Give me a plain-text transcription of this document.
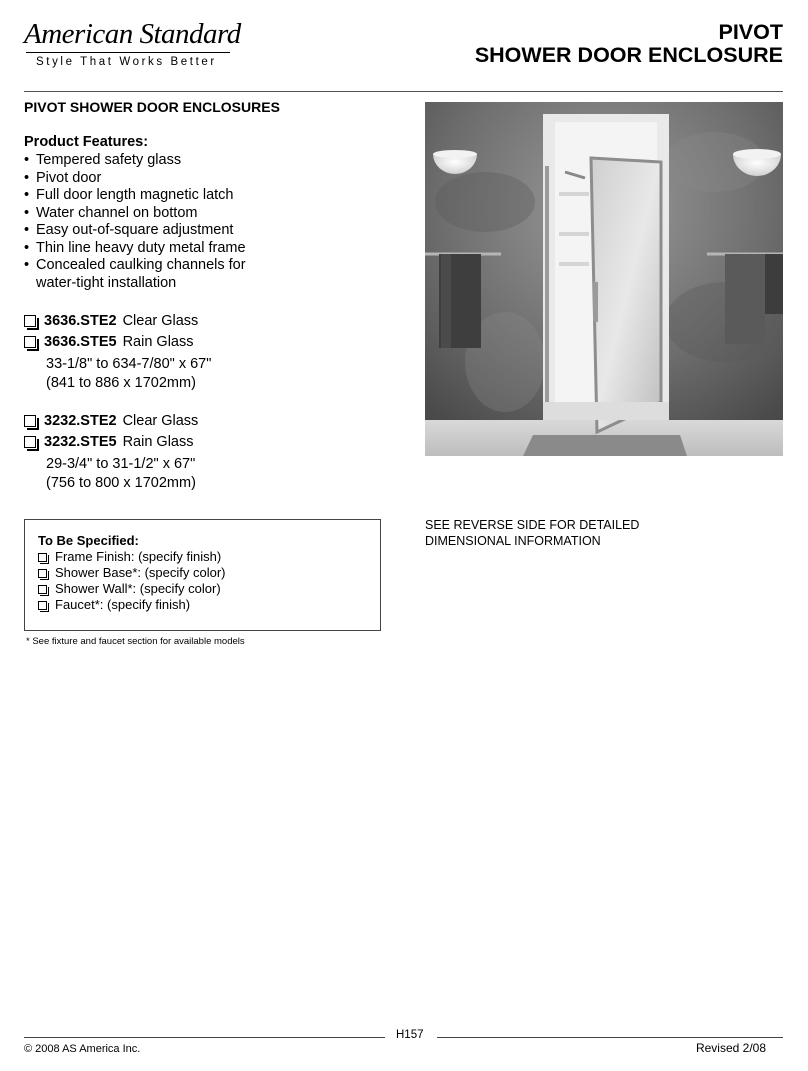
American Standard
Style That Works Better
PIVOT
SHOWER DOOR ENCLOSURE
PIVOT SHOWER DOOR ENCLOSURES
Product Features:
• Tempered safety glass
• Pivot door
• Full door length magnetic latch
• Water channel on bottom
• Easy out-of-square adjustment
• Thin line heavy duty metal frame
• Concealed caulking channels for water-tight installation
3636.STE2 Clear Glass
3636.STE5 Rain Glass
33-1/8" to 634-7/80" x 67"
(841 to 886 x 1702mm)
3232.STE2 Clear Glass
3232.STE5 Rain Glass
29-3/4" to 31-1/2" x 67"
(756 to 800 x 1702mm)
To Be Specified:
Frame Finish: (specify finish)
Shower Base*: (specify color)
Shower Wall*: (specify color)
Faucet*: (specify finish)
* See fixture and faucet section for available models
SEE REVERSE SIDE FOR DETAILED
DIMENSIONAL INFORMATION
H157
© 2008 AS America Inc.	Revised 2/08
